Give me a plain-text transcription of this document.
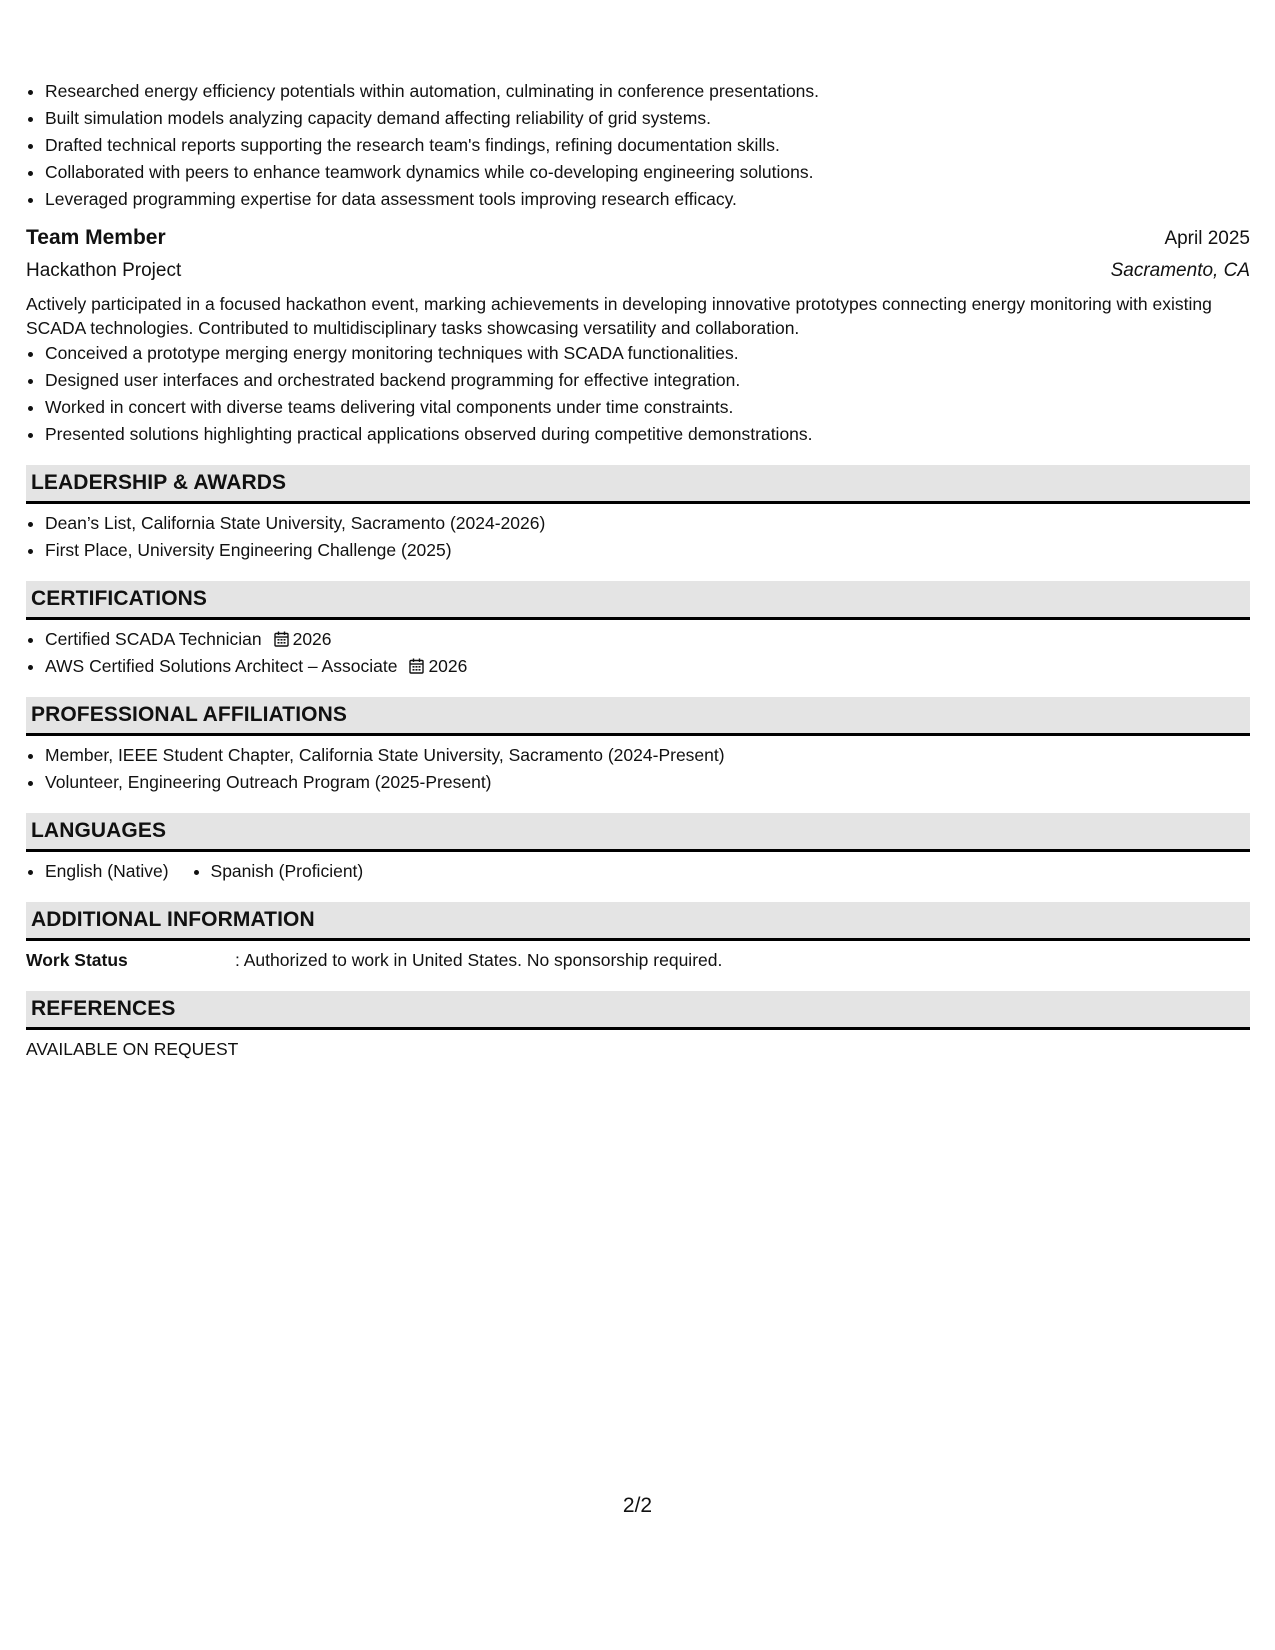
• Researched energy efficiency potentials within automation, culminating in conference presentations.
• Built simulation models analyzing capacity demand affecting reliability of grid systems.
• Drafted technical reports supporting the research team's findings, refining documentation skills.
• Collaborated with peers to enhance teamwork dynamics while co-developing engineering solutions.
• Leveraged programming expertise for data assessment tools improving research efficacy.
Team Member	April 2025
Hackathon Project	Sacramento, CA
Actively participated in a focused hackathon event, marking achievements in developing innovative prototypes connecting energy monitoring with existing SCADA technologies. Contributed to multidisciplinary tasks showcasing versatility and collaboration.
• Conceived a prototype merging energy monitoring techniques with SCADA functionalities.
• Designed user interfaces and orchestrated backend programming for effective integration.
• Worked in concert with diverse teams delivering vital components under time constraints.
• Presented solutions highlighting practical applications observed during competitive demonstrations.
LEADERSHIP & AWARDS
• Dean’s List, California State University, Sacramento (2024-2026)
• First Place, University Engineering Challenge (2025)
CERTIFICATIONS
• Certified SCADA Technician 2026
• AWS Certified Solutions Architect – Associate 2026
PROFESSIONAL AFFILIATIONS
• Member, IEEE Student Chapter, California State University, Sacramento (2024-Present)
• Volunteer, Engineering Outreach Program (2025-Present)
LANGUAGES
• English (Native)
• Spanish (Proficient)
ADDITIONAL INFORMATION
Work Status	: Authorized to work in United States. No sponsorship required.
REFERENCES
AVAILABLE ON REQUEST
2/2
